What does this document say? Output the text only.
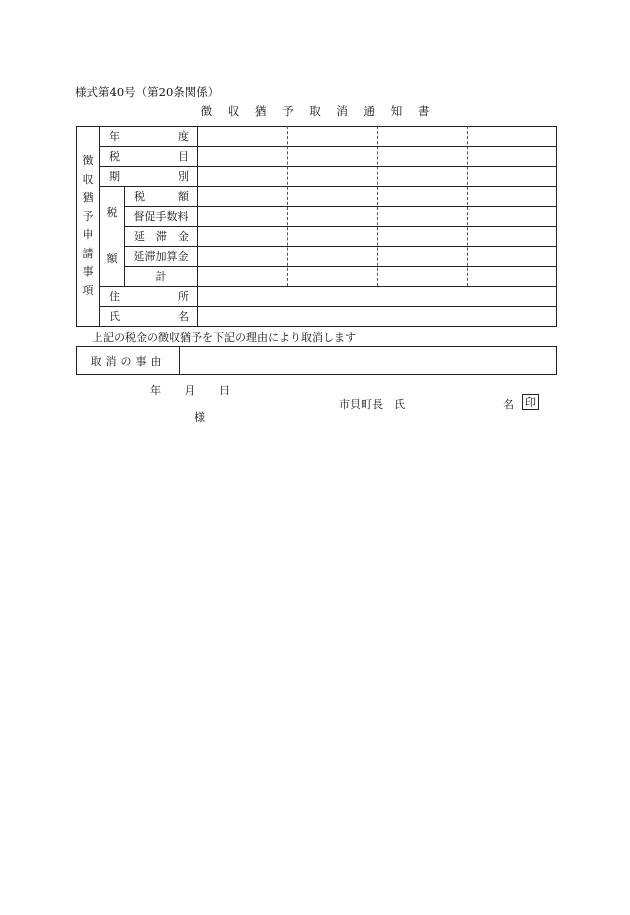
様式第40号（第20条関係）
徴 収 猶 予 取 消 通 知 書
徴収猶予申請事項
年	度
税	目
期	別
税
額
税	額
督促手数料
延 滞 金
延滞加算金
計
住	所
氏	名
上記の税金の徴収猶予を下記の理由により取消します
取消の事由
年 月 日
市貝町長　氏	名 印
様
